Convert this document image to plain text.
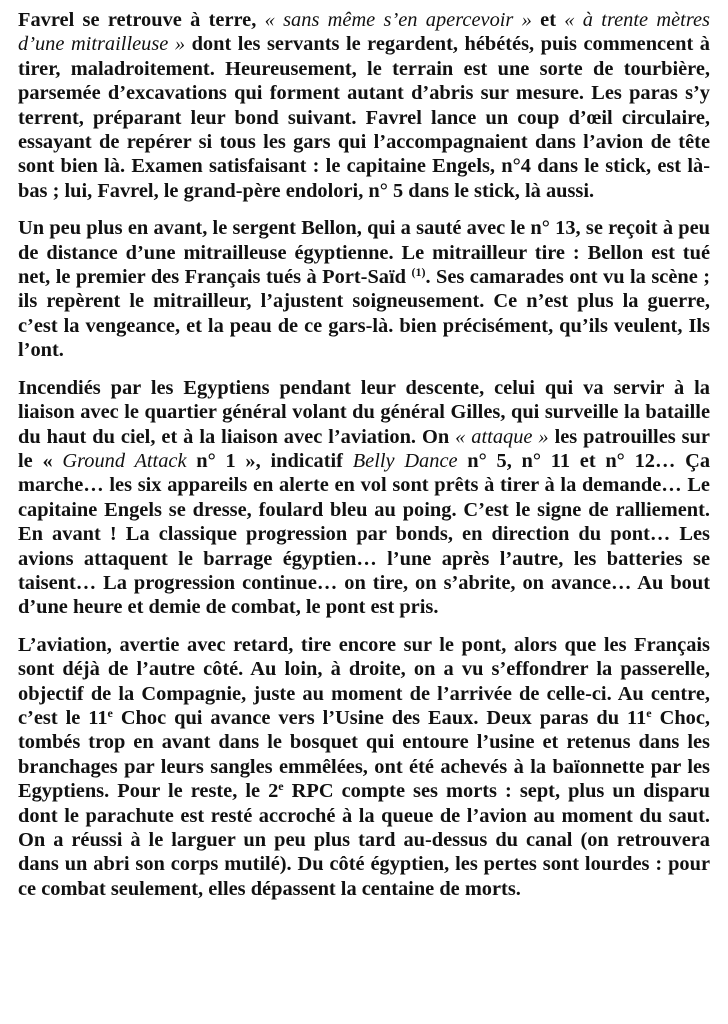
Favrel se retrouve à terre, « sans même s’en apercevoir » et « à trente mètres d’une mitrailleuse » dont les servants le regardent, hébétés, puis commencent à tirer, maladroitement. Heureusement, le terrain est une sorte de tourbière, parsemée d’excavations qui forment autant d’abris sur mesure. Les paras s’y terrent, préparant leur bond suivant. Favrel lance un coup d’œil circulaire, essayant de repérer si tous les gars qui l’accompagnaient dans l’avion de tête sont bien là. Examen satisfaisant : le capitaine Engels, n°4 dans le stick, est là-bas ; lui, Favrel, le grand-père endolori, n° 5 dans le stick, là aussi.

Un peu plus en avant, le sergent Bellon, qui a sauté avec le n° 13, se reçoit à peu de distance d’une mitrailleuse égyptienne. Le mitrailleur tire : Bellon est tué net, le premier des Français tués à Port-Saïd $^{(1)}$. Ses camarades ont vu la scène ; ils repèrent le mitrailleur, l’ajustent soigneusement. Ce n’est plus la guerre, c’est la vengeance, et la peau de ce gars-là. bien précisément, qu’ils veulent, Ils l’ont.

Incendiés par les Egyptiens pendant leur descente, celui qui va servir à la liaison avec le quartier général volant du général Gilles, qui surveille la bataille du haut du ciel, et à la liaison avec l’aviation. On « attaque » les patrouilles sur le « Ground Attack n° 1 », indicatif Belly Dance n° 5, n° 11 et n° 12… Ça marche… les six appareils en alerte en vol sont prêts à tirer à la demande… Le capitaine Engels se dresse, foulard bleu au poing. C’est le signe de ralliement. En avant ! La classique progression par bonds, en direction du pont… Les avions attaquent le barrage égyptien… l’une après l’autre, les batteries se taisent… La progression continue… on tire, on s’abrite, on avance… Au bout d’une heure et demie de combat, le pont est pris.

L’aviation, avertie avec retard, tire encore sur le pont, alors que les Français sont déjà de l’autre côté. Au loin, à droite, on a vu s’effondrer la passerelle, objectif de la Compagnie, juste au moment de l’arrivée de celle-ci. Au centre, c’est le 11e Choc qui avance vers l’Usine des Eaux. Deux paras du 11e Choc, tombés trop en avant dans le bosquet qui entoure l’usine et retenus dans les branchages par leurs sangles emmêlées, ont été achevés à la baïonnette par les Egyptiens. Pour le reste, le 2e RPC compte ses morts : sept, plus un disparu dont le parachute est resté accroché à la queue de l’avion au moment du saut. On a réussi à le larguer un peu plus tard au-dessus du canal (on retrouvera dans un abri son corps mutilé). Du côté égyptien, les pertes sont lourdes : pour ce combat seulement, elles dépassent la centaine de morts.
